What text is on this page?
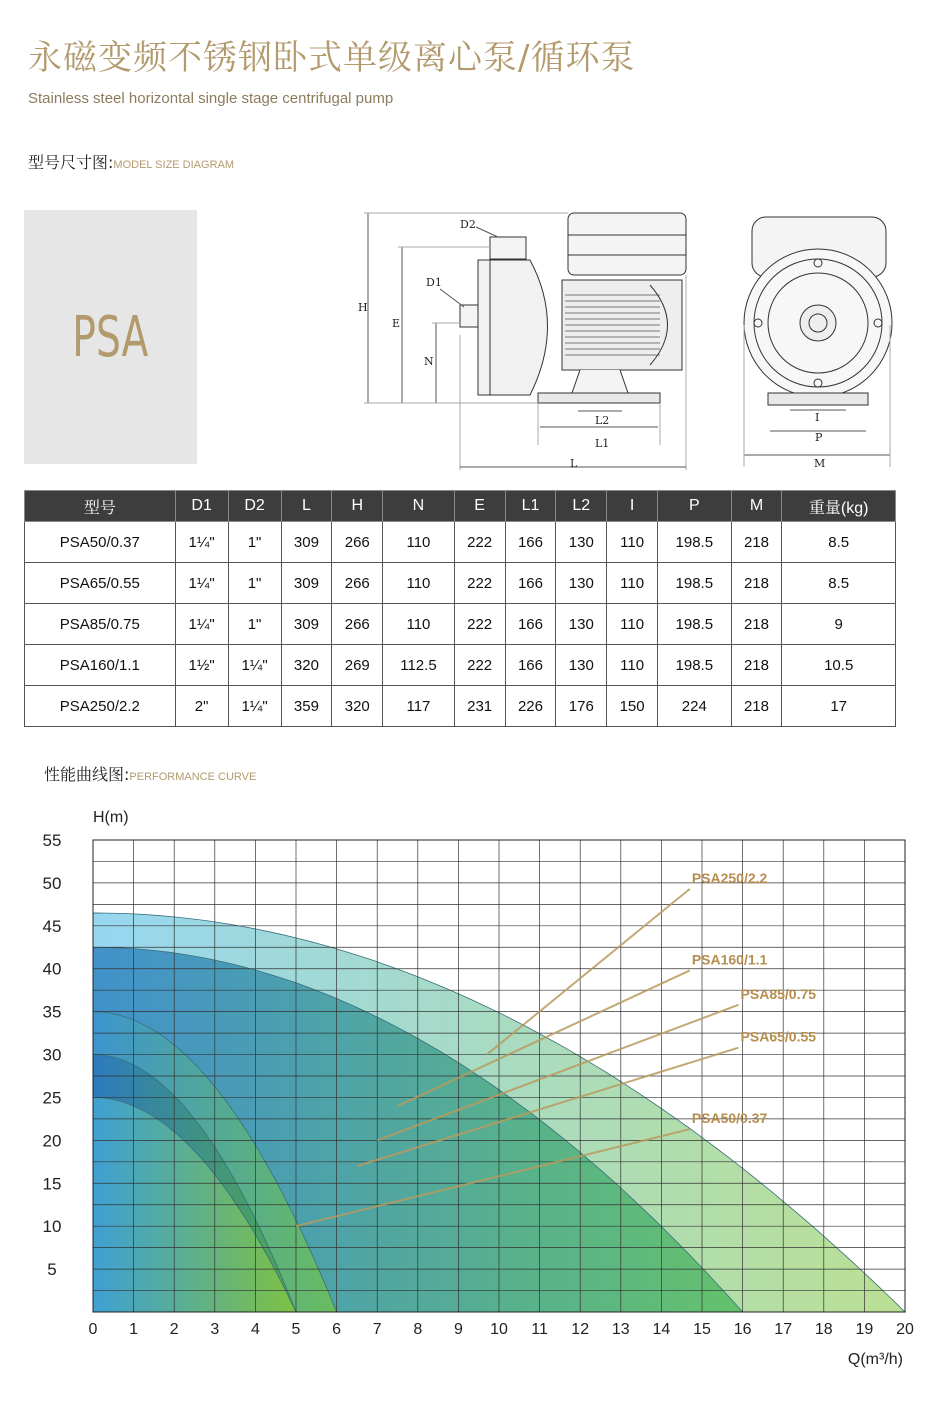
永磁变频不锈钢卧式单级离心泵/循环泵
Stainless steel horizontal single stage centrifugal pump
型号尺寸图:MODEL SIZE DIAGRAM
PSA
D2
D1
H
E
N
L2
L1
L
I
P
M
型号	D1	D2	L	H	N	E	L1	L2	I	P	M	重量(kg)
PSA50/0.37	1¼"	1"	309	266	110	222	166	130	110	198.5	218	8.5
PSA65/0.55	1¼"	1"	309	266	110	222	166	130	110	198.5	218	8.5
PSA85/0.75	1¼"	1"	309	266	110	222	166	130	110	198.5	218	9
PSA160/1.1	1½"	1¼"	320	269	112.5	222	166	130	110	198.5	218	10.5
PSA250/2.2	2"	1¼"	359	320	117	231	226	176	150	224	218	17
性能曲线图:PERFORMANCE CURVE
0 1 2 3 4 5 6 7 8 9 10 11 12 13 14 15 16 17 18 19 20
5
10
15
20
25
30
35
40
45
50
55
H(m)
Q(m³/h)
PSA250/2.2
PSA160/1.1
PSA85/0.75
PSA65/0.55
PSA50/0.37
